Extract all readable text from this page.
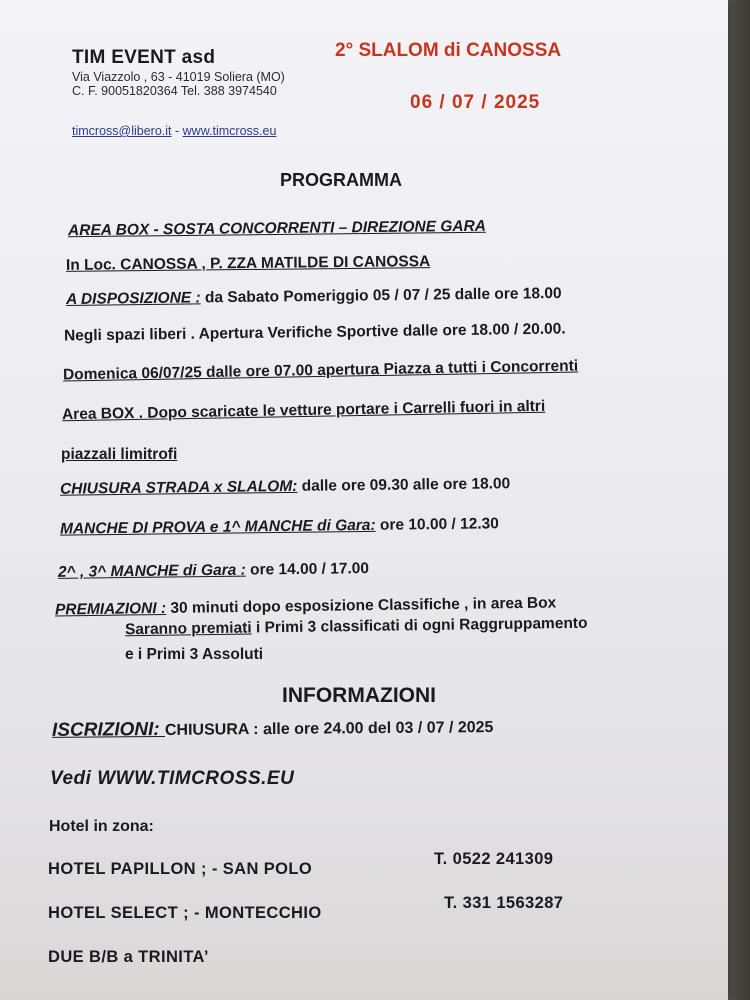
TIM EVENT asd
Via Viazzolo , 63 - 41019 Soliera (MO)
C. F. 90051820364 Tel. 388 3974540
timcross@libero.it - www.timcross.eu
2° SLALOM di CANOSSA
06 / 07 / 2025
PROGRAMMA
AREA BOX - SOSTA CONCORRENTI – DIREZIONE GARA
In Loc. CANOSSA , P. ZZA MATILDE DI CANOSSA
A DISPOSIZIONE : da Sabato Pomeriggio 05 / 07 / 25 dalle ore 18.00
Negli spazi liberi . Apertura Verifiche Sportive dalle ore 18.00 / 20.00.
Domenica 06/07/25 dalle ore 07.00 apertura Piazza a tutti i Concorrenti
Area BOX . Dopo scaricate le vetture portare i Carrelli fuori in altri
piazzali limitrofi
CHIUSURA STRADA x SLALOM: dalle ore 09.30 alle ore 18.00
MANCHE DI PROVA e 1^ MANCHE di Gara: ore 10.00 / 12.30
2^ , 3^ MANCHE di Gara : ore 14.00 / 17.00
PREMIAZIONI : 30 minuti dopo esposizione Classifiche , in area Box
Saranno premiati i Primi 3 classificati di ogni Raggruppamento
e i Primi 3 Assoluti
INFORMAZIONI
ISCRIZIONI: CHIUSURA : alle ore 24.00 del 03 / 07 / 2025
Vedi WWW.TIMCROSS.EU
Hotel in zona:
HOTEL PAPILLON ; - SAN POLO
T. 0522 241309
HOTEL SELECT ; - MONTECCHIO
T. 331 1563287
DUE B/B a TRINITA’
